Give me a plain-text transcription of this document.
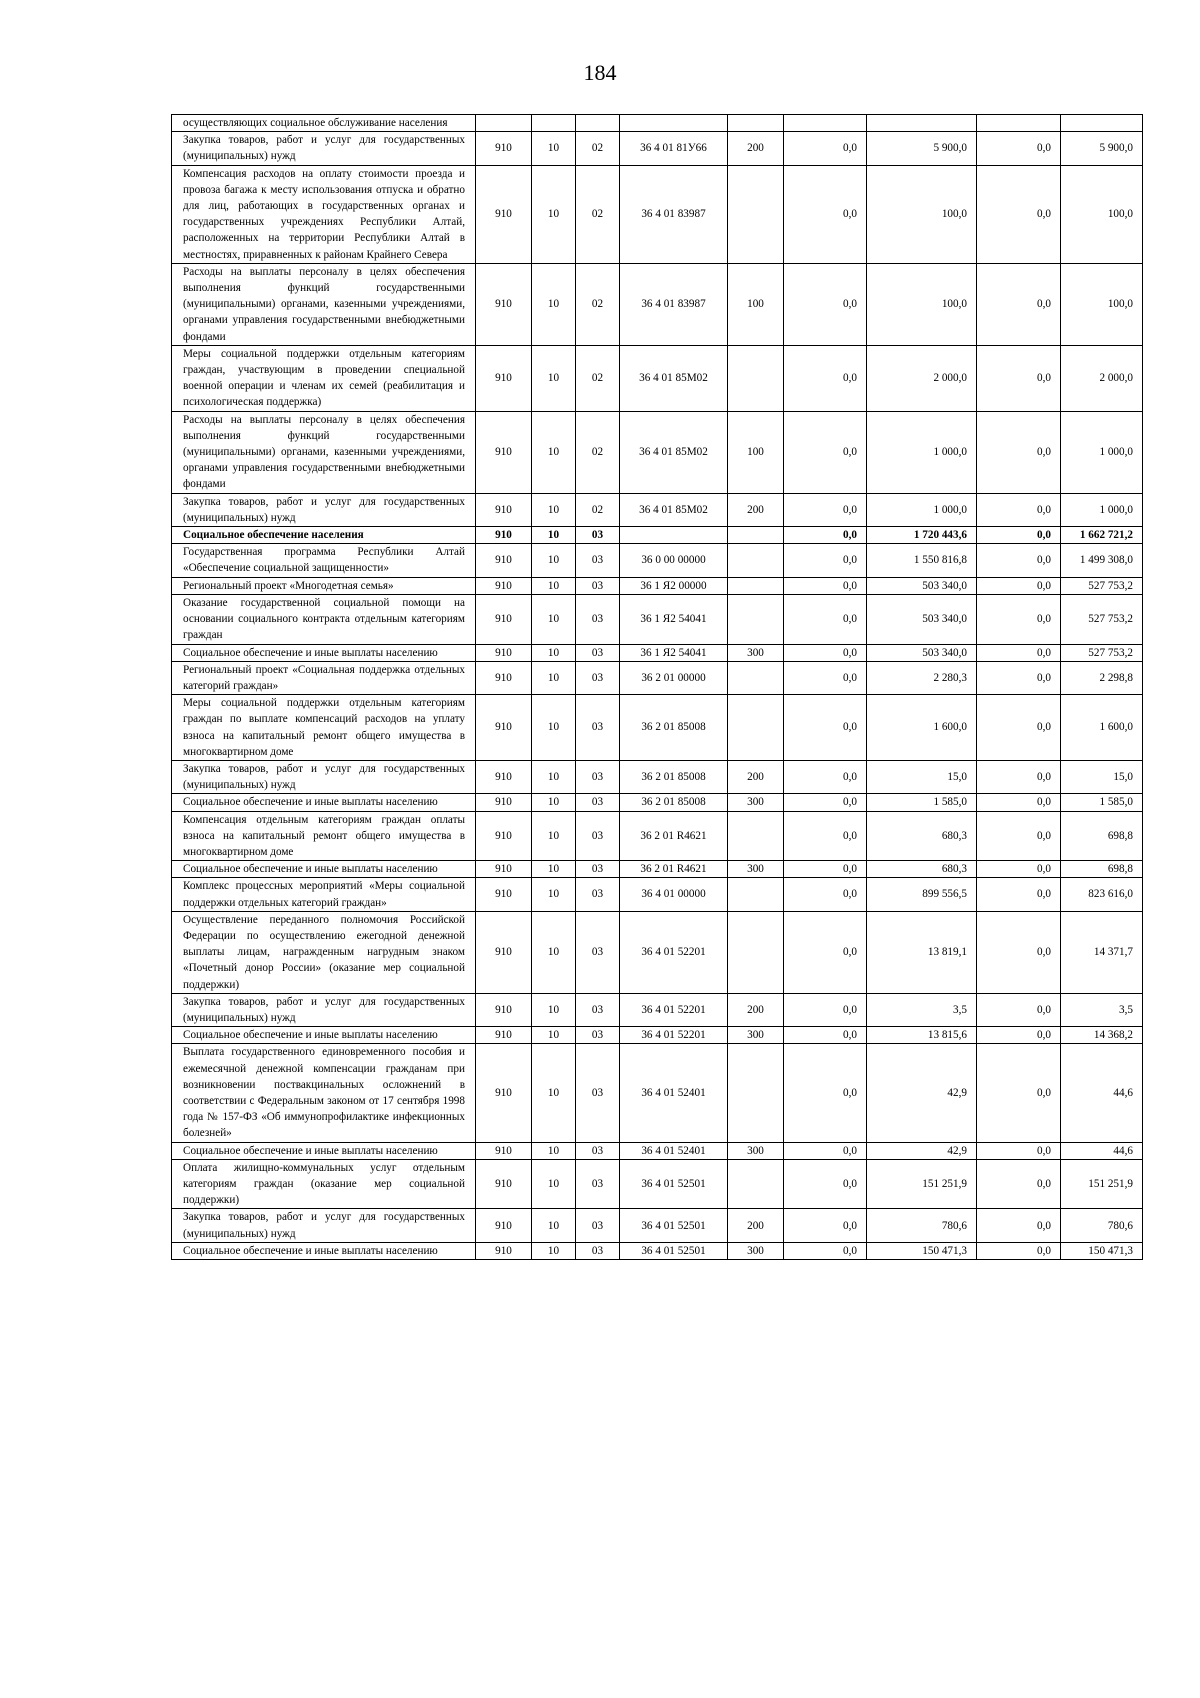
184
осуществляющих социальное обслуживание населения									
Закупка товаров, работ и услуг для государственных (муниципальных) нужд	910	10	02	36 4 01 81У66	200	0,0	5 900,0	0,0	5 900,0
Компенсация расходов на оплату стоимости проезда и провоза багажа к месту использования отпуска и обратно для лиц, работающих в государственных органах и государственных учреждениях Республики Алтай, расположенных на территории Республики Алтай в местностях, приравненных к районам Крайнего Севера	910	10	02	36 4 01 83987		0,0	100,0	0,0	100,0
Расходы на выплаты персоналу в целях обеспечения выполнения функций государственными (муниципальными) органами, казенными учреждениями, органами управления государственными внебюджетными фондами	910	10	02	36 4 01 83987	100	0,0	100,0	0,0	100,0
Меры социальной поддержки отдельным категориям граждан, участвующим в проведении специальной военной операции и членам их семей (реабилитация и психологическая поддержка)	910	10	02	36 4 01 85М02		0,0	2 000,0	0,0	2 000,0
Расходы на выплаты персоналу в целях обеспечения выполнения функций государственными (муниципальными) органами, казенными учреждениями, органами управления государственными внебюджетными фондами	910	10	02	36 4 01 85М02	100	0,0	1 000,0	0,0	1 000,0
Закупка товаров, работ и услуг для государственных (муниципальных) нужд	910	10	02	36 4 01 85М02	200	0,0	1 000,0	0,0	1 000,0
Социальное обеспечение населения	910	10	03			0,0	1 720 443,6	0,0	1 662 721,2
Государственная программа Республики Алтай «Обеспечение социальной защищенности»	910	10	03	36 0 00 00000		0,0	1 550 816,8	0,0	1 499 308,0
Региональный проект «Многодетная семья»	910	10	03	36 1 Я2 00000		0,0	503 340,0	0,0	527 753,2
Оказание государственной социальной помощи на основании социального контракта отдельным категориям граждан	910	10	03	36 1 Я2 54041		0,0	503 340,0	0,0	527 753,2
Социальное обеспечение и иные выплаты населению	910	10	03	36 1 Я2 54041	300	0,0	503 340,0	0,0	527 753,2
Региональный проект «Социальная поддержка отдельных категорий граждан»	910	10	03	36 2 01 00000		0,0	2 280,3	0,0	2 298,8
Меры социальной поддержки отдельным категориям граждан по выплате компенсаций расходов на уплату взноса на капитальный ремонт общего имущества в многоквартирном доме	910	10	03	36 2 01 85008		0,0	1 600,0	0,0	1 600,0
Закупка товаров, работ и услуг для государственных (муниципальных) нужд	910	10	03	36 2 01 85008	200	0,0	15,0	0,0	15,0
Социальное обеспечение и иные выплаты населению	910	10	03	36 2 01 85008	300	0,0	1 585,0	0,0	1 585,0
Компенсация отдельным категориям граждан оплаты взноса на капитальный ремонт общего имущества в многоквартирном доме	910	10	03	36 2 01 R4621		0,0	680,3	0,0	698,8
Социальное обеспечение и иные выплаты населению	910	10	03	36 2 01 R4621	300	0,0	680,3	0,0	698,8
Комплекс процессных мероприятий «Меры социальной поддержки отдельных категорий граждан»	910	10	03	36 4 01 00000		0,0	899 556,5	0,0	823 616,0
Осуществление переданного полномочия Российской Федерации по осуществлению ежегодной денежной выплаты лицам, награжденным нагрудным знаком «Почетный донор России» (оказание мер социальной поддержки)	910	10	03	36 4 01 52201		0,0	13 819,1	0,0	14 371,7
Закупка товаров, работ и услуг для государственных (муниципальных) нужд	910	10	03	36 4 01 52201	200	0,0	3,5	0,0	3,5
Социальное обеспечение и иные выплаты населению	910	10	03	36 4 01 52201	300	0,0	13 815,6	0,0	14 368,2
Выплата государственного единовременного пособия и ежемесячной денежной компенсации гражданам при возникновении поствакцинальных осложнений в соответствии с Федеральным законом от 17 сентября 1998 года № 157-ФЗ «Об иммунопрофилактике инфекционных болезней»	910	10	03	36 4 01 52401		0,0	42,9	0,0	44,6
Социальное обеспечение и иные выплаты населению	910	10	03	36 4 01 52401	300	0,0	42,9	0,0	44,6
Оплата жилищно-коммунальных услуг отдельным категориям граждан (оказание мер социальной поддержки)	910	10	03	36 4 01 52501		0,0	151 251,9	0,0	151 251,9
Закупка товаров, работ и услуг для государственных (муниципальных) нужд	910	10	03	36 4 01 52501	200	0,0	780,6	0,0	780,6
Социальное обеспечение и иные выплаты населению	910	10	03	36 4 01 52501	300	0,0	150 471,3	0,0	150 471,3
